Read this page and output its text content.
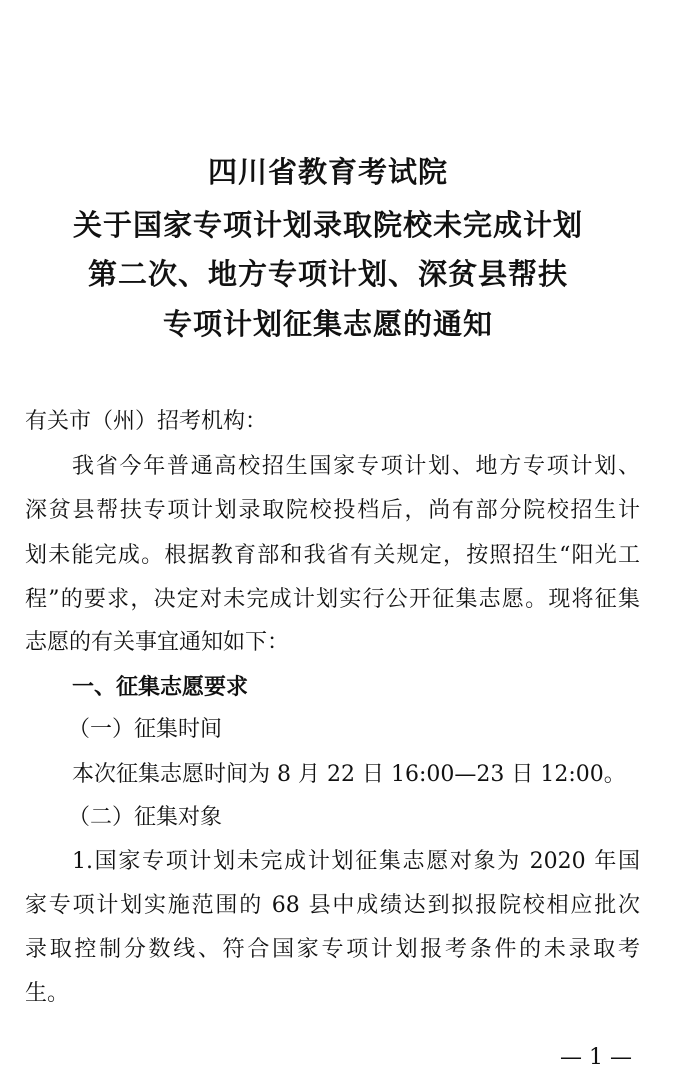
四川省教育考试院
关于国家专项计划录取院校未完成计划
第二次、地方专项计划、深贫县帮扶
专项计划征集志愿的通知
有关市（州）招考机构：
我省今年普通高校招生国家专项计划、地方专项计划、
深贫县帮扶专项计划录取院校投档后，尚有部分院校招生计
划未能完成。根据教育部和我省有关规定，按照招生“阳光工
程”的要求，决定对未完成计划实行公开征集志愿。现将征集
志愿的有关事宜通知如下：
一、征集志愿要求
（一）征集时间
本次征集志愿时间为 8 月 22 日 16:00—23 日 12:00。
（二）征集对象
1.国家专项计划未完成计划征集志愿对象为 2020 年国
家专项计划实施范围的 68 县中成绩达到拟报院校相应批次
录取控制分数线、符合国家专项计划报考条件的未录取考
生。
— 1 —
